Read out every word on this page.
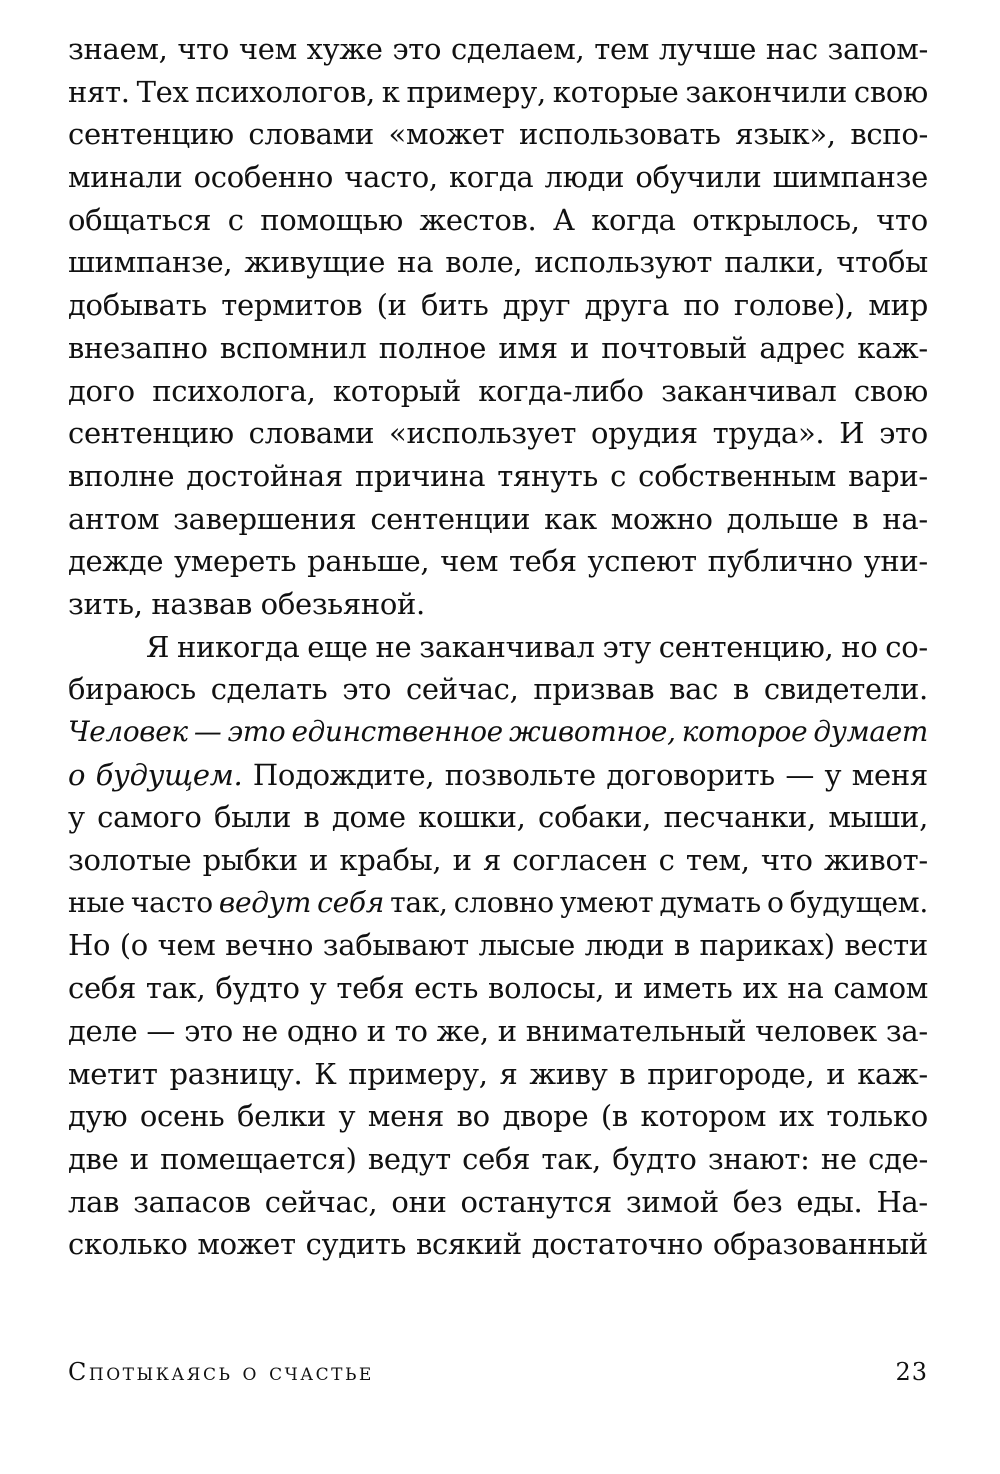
знаем, что чем хуже это сделаем, тем лучше нас запом-
нят. Тех психологов, к примеру, которые закончили свою
сентенцию словами «может использовать язык», вспо-
минали особенно часто, когда люди обучили шимпанзе
общаться с помощью жестов. А когда открылось, что
шимпанзе, живущие на воле, используют палки, чтобы
добывать термитов (и бить друг друга по голове), мир
внезапно вспомнил полное имя и почтовый адрес каж-
дого психолога, который когда-либо заканчивал свою
сентенцию словами «использует орудия труда». И это
вполне достойная причина тянуть с собственным вари-
антом завершения сентенции как можно дольше в на-
дежде умереть раньше, чем тебя успеют публично уни-
зить, назвав обезьяной.
Я никогда еще не заканчивал эту сентенцию, но со-
бираюсь сделать это сейчас, призвав вас в свидетели.
Человек — это единственное животное, которое думает
о будущем. Подождите, позвольте договорить — у меня
у самого были в доме кошки, собаки, песчанки, мыши,
золотые рыбки и крабы, и я согласен с тем, что живот-
ные часто ведут себя так, словно умеют думать о будущем.
Но (о чем вечно забывают лысые люди в париках) вести
себя так, будто у тебя есть волосы, и иметь их на самом
деле — это не одно и то же, и внимательный человек за-
метит разницу. К примеру, я живу в пригороде, и каж-
дую осень белки у меня во дворе (в котором их только
две и помещается) ведут себя так, будто знают: не сде-
лав запасов сейчас, они останутся зимой без еды. На-
сколько может судить всякий достаточно образованный
Спотыкаясь о счастье	23
